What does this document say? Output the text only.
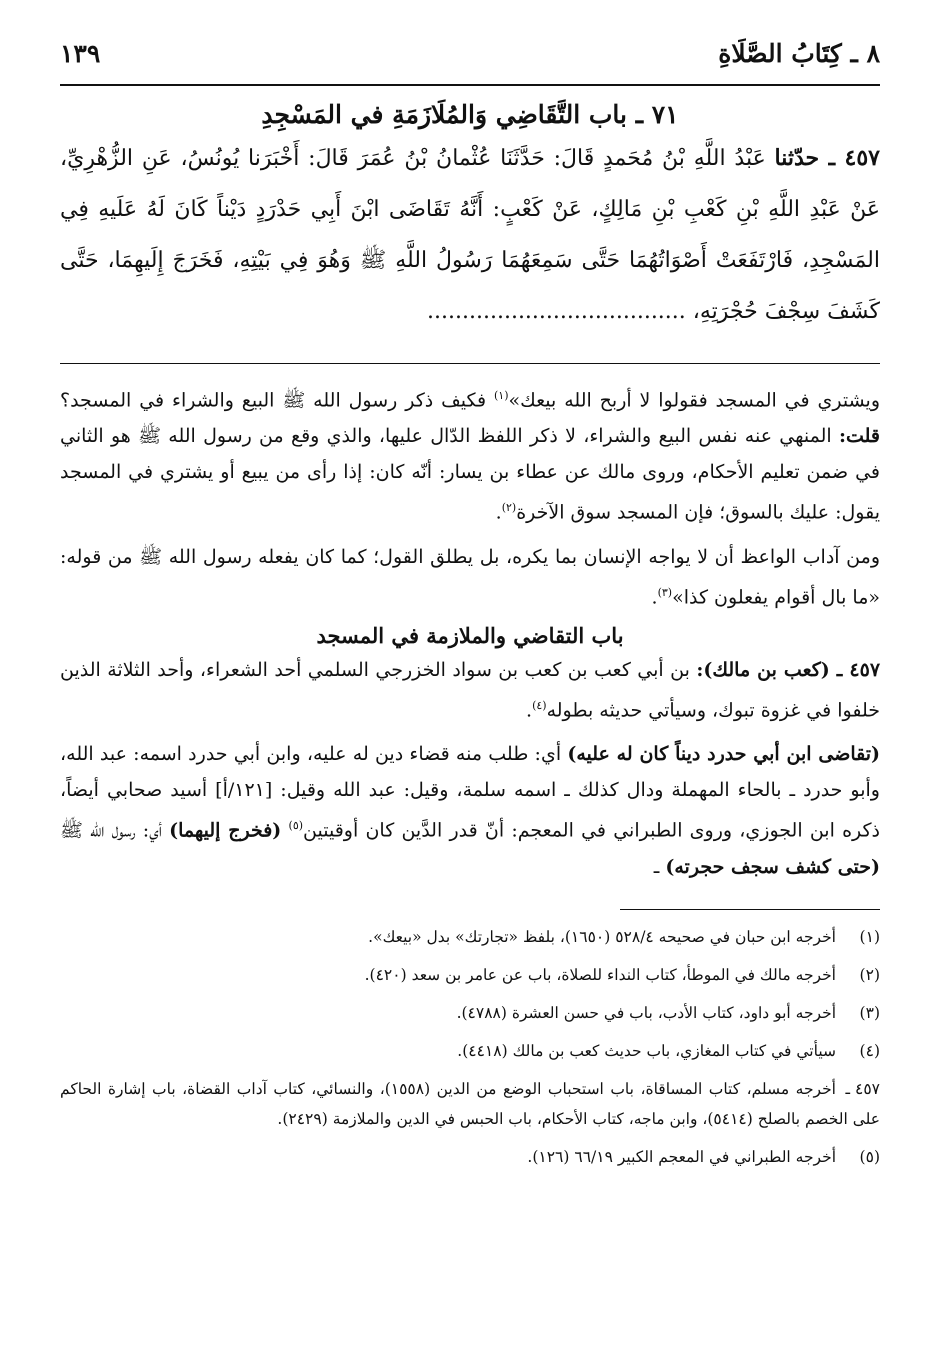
٨ ـ كِتَابُ الصَّلَاةِ
١٣٩
٧١ ـ باب التَّقَاضِي وَالمُلَازَمَةِ في المَسْجِدِ
٤٥٧ ـ حدّثنا عَبْدُ اللَّهِ بْنُ مُحَمدٍ قَالَ: حَدَّثَنَا عُثْمانُ بْنُ عُمَرَ قَالَ: أَخْبَرَنا يُونُسُ، عَنِ الزُّهْرِيِّ، عَنْ عَبْدِ اللَّهِ بْنِ كَعْبِ بْنِ مَالِكٍ، عَنْ كَعْبٍ: أَنَّهُ تَقَاضَى ابْنَ أَبِي حَدْرَدٍ دَيْناً كَانَ لَهُ عَلَيهِ فِي المَسْجِدِ، فَارْتَفَعَتْ أَصْوَاتُهُمَا حَتَّى سَمِعَهُمَا رَسُولُ اللَّهِ ﷺ وَهُوَ فِي بَيْتِهِ، فَخَرَجَ إِلَيهِمَا، حَتَّى كَشَفَ سِجْفَ حُجْرَتِهِ، .....................................

ويشتري في المسجد فقولوا لا أربح الله بيعك»$^{(١)}$ فكيف ذكر رسول الله ﷺ البيع والشراء في المسجد؟ قلت: المنهي عنه نفس البيع والشراء، لا ذكر اللفظ الدّال عليها، والذي وقع من رسول الله ﷺ هو الثاني في ضمن تعليم الأحكام، وروى مالك عن عطاء بن يسار: أنّه كان: إذا رأى من يبيع أو يشتري في المسجد يقول: عليك بالسوق؛ فإن المسجد سوق الآخرة$^{(٢)}$.

ومن آداب الواعظ أن لا يواجه الإنسان بما يكره، بل يطلق القول؛ كما كان يفعله رسول الله ﷺ من قوله: «ما بال أقوام يفعلون كذا»$^{(٣)}$.

باب التقاضي والملازمة في المسجد

٤٥٧ ـ (كعب بن مالك): بن أبي كعب بن كعب بن سواد الخزرجي السلمي أحد الشعراء، وأحد الثلاثة الذين خلفوا في غزوة تبوك، وسيأتي حديثه بطوله$^{(٤)}$.

(تقاضى ابن أبي حدرد ديناً كان له عليه) أي: طلب منه قضاء دين له عليه، وابن أبي حدرد اسمه: عبد الله، وأبو حدرد ـ بالحاء المهملة ودال كذلك ـ اسمه سلمة، وقيل: عبد الله وقيل: [١٢١/أ] أسيد صحابي أيضاً، ذكره ابن الجوزي، وروى الطبراني في المعجم: أنّ قدر الدَّين كان أوقيتين$^{(٥)}$ (فخرج إليهما) أي: رسول الله ﷺ (حتى كشف سجف حجرته) ـ

(١)أخرجه ابن حبان في صحيحه ٥٢٨/٤ (١٦٥٠)، بلفظ «تجارتك» بدل «بيعك».

(٢)أخرجه مالك في الموطأ، كتاب النداء للصلاة، باب عن عامر بن سعد (٤٢٠).

(٣)أخرجه أبو داود، كتاب الأدب، باب في حسن العشرة (٤٧٨٨).

(٤)سيأتي في كتاب المغازي، باب حديث كعب بن مالك (٤٤١٨).

٤٥٧ ـأخرجه مسلم، كتاب المساقاة، باب استحباب الوضع من الدين (١٥٥٨)، والنسائي، كتاب آداب القضاة، باب إشارة الحاكم على الخصم بالصلح (٥٤١٤)، وابن ماجه، كتاب الأحكام، باب الحبس في الدين والملازمة (٢٤٢٩).

(٥)أخرجه الطبراني في المعجم الكبير ٦٦/١٩ (١٢٦).
